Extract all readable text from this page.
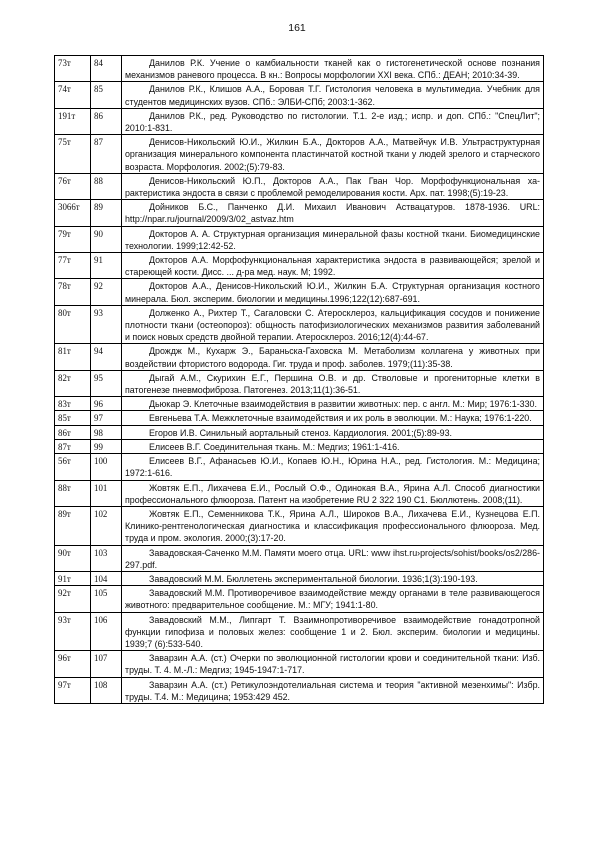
161
73т	84	Данилов Р.К. Учение о камбиальности тканей как о гистогенетической основе познания механизмов раневого процесса. В кн.: Вопросы морфологии XXI века. СПб.: ДЕАН; 2010:34-39.
74т	85	Данилов Р.К., Клишов А.А., Боровая Т.Г. Гистология человека в мультимедиа. Учебник для студентов медицинских вузов. СПб.: ЭЛБИ-СПб; 2003:1-362.
191т	86	Данилов Р.К., ред. Руководство по гистологии. Т.1. 2-е изд.; испр. и доп. СПб.: "СпецЛит"; 2010:1-831.
75т	87	Денисов-Никольский Ю.И., Жилкин Б.А., Докторов А.А., Матвейчук И.В. Ультраструктурная организация минерального компонента пластинчатой костной ткани у людей зрелого и старческого возраста. Морфология. 2002;(5):79-83.
76т	88	Денисов-Никольский Ю.П., Докторов А.А., Пак Гван Чор. Морфофункциональная характеристика эндоста в связи с проблемой ремоделирования кости. Арх. пат. 1998;(5):19-23.
3066т	89	Дойников Б.С., Панченко Д.И. Михаил Иванович Аствацатуров. 1878-1936. URL: http://npar.ru/journal/2009/3/02_astvaz.htm
79т	90	Докторов А. А. Структурная организация минеральной фазы костной ткани. Биомедицинские технологии. 1999;12:42-52.
77т	91	Докторов А.А. Морфофункциональная характеристика эндоста в развивающейся; зрелой и стареющей кости. Дисс. ... д-ра мед. наук. М; 1992.
78т	92	Докторов А.А., Денисов-Никольский Ю.И., Жилкин Б.А. Структурная организация костного минерала. Бюл. эксперим. биологии и медицины.1996;122(12):687-691.
80т	93	Долженко А., Рихтер Т., Сагаловски С. Атеросклероз, кальцификация сосудов и понижение плотности ткани (остеопороз): общность патофизиологических механизмов развития заболеваний и поиск новых средств двойной терапии. Атеросклероз. 2016;12(4):44-67.
81т	94	Дрождж М., Кухарж Э., Бараньска-Гаховска М. Метаболизм коллагена у животных при воздействии фтористого водорода. Гиг. труда и проф. заболев. 1979;(11):35-38.
82т	95	Дыгай А.М., Скурихин Е.Г., Першина О.В. и др. Стволовые и прогениторные клетки в патогенезе пневмофиброза. Патогенез. 2013;11(1):36-51.
83т	96	Дьюкар Э. Клеточные взаимодействия в развитии животных: пер. с англ. М.: Мир; 1976:1-330.
85т	97	Евгеньева Т.А. Межклеточные взаимодействия и их роль в эволюции. М.: Наука; 1976:1-220.
86т	98	Егоров И.В. Синильный аортальный стеноз. Кардиология. 2001;(5):89-93.
87т	99	Елисеев В.Г. Соединительная ткань. М.: Медгиз; 1961:1-416.
56т	100	Елисеев В.Г., Афанасьев Ю.И., Копаев Ю.Н., Юрина Н.А., ред. Гистология. М.: Медицина; 1972:1-616.
88т	101	Жовтяк Е.П., Лихачева Е.И., Рослый О.Ф., Одинокая В.А., Ярина А.Л. Способ диагностики профессионального флюороза. Патент на изобретение RU 2 322 190 C1. Бюллютень. 2008;(11).
89т	102	Жовтяк Е.П., Семенникова Т.К., Ярина А.Л., Широков В.А., Лихачева Е.И., Кузнецова Е.П. Клинико-рентгенологическая диагностика и классификация профессионального флюороза. Мед. труда и пром. экология. 2000;(3):17-20.
90т	103	Завадовская-Саченко М.М. Памяти моего отца. URL: www ihst.ru›projects/sohist/books/os2/286-297.pdf.
91т	104	Завадовский М.М. Бюллетень экспериментальной биологии. 1936;1(3):190-193.
92т	105	Завадовский М.М. Противоречивое взаимодействие между органами в теле развивающегося животного: предварительное сообщение. М.: МГУ; 1941:1-80.
93т	106	Завадовский М.М., Липгарт Т. Взаимнопротиворечивое взаимодействие гонадотропной функции гипофиза и половых желез: сообщение 1 и 2. Бюл. эксперим. биологии и медицины. 1939;7 (6):533-540.
96т	107	Заварзин А.А. (ст.) Очерки по эволюционной гистологии крови и соединительной ткани: Изб. труды. Т. 4. М.-Л.: Медгиз; 1945-1947:1-717.
97т	108	Заварзин А.А. (ст.) Ретикулоэндотелиальная система и теория "активной мезенхимы": Избр. труды. Т.4. М.: Медицина; 1953:429 452.
